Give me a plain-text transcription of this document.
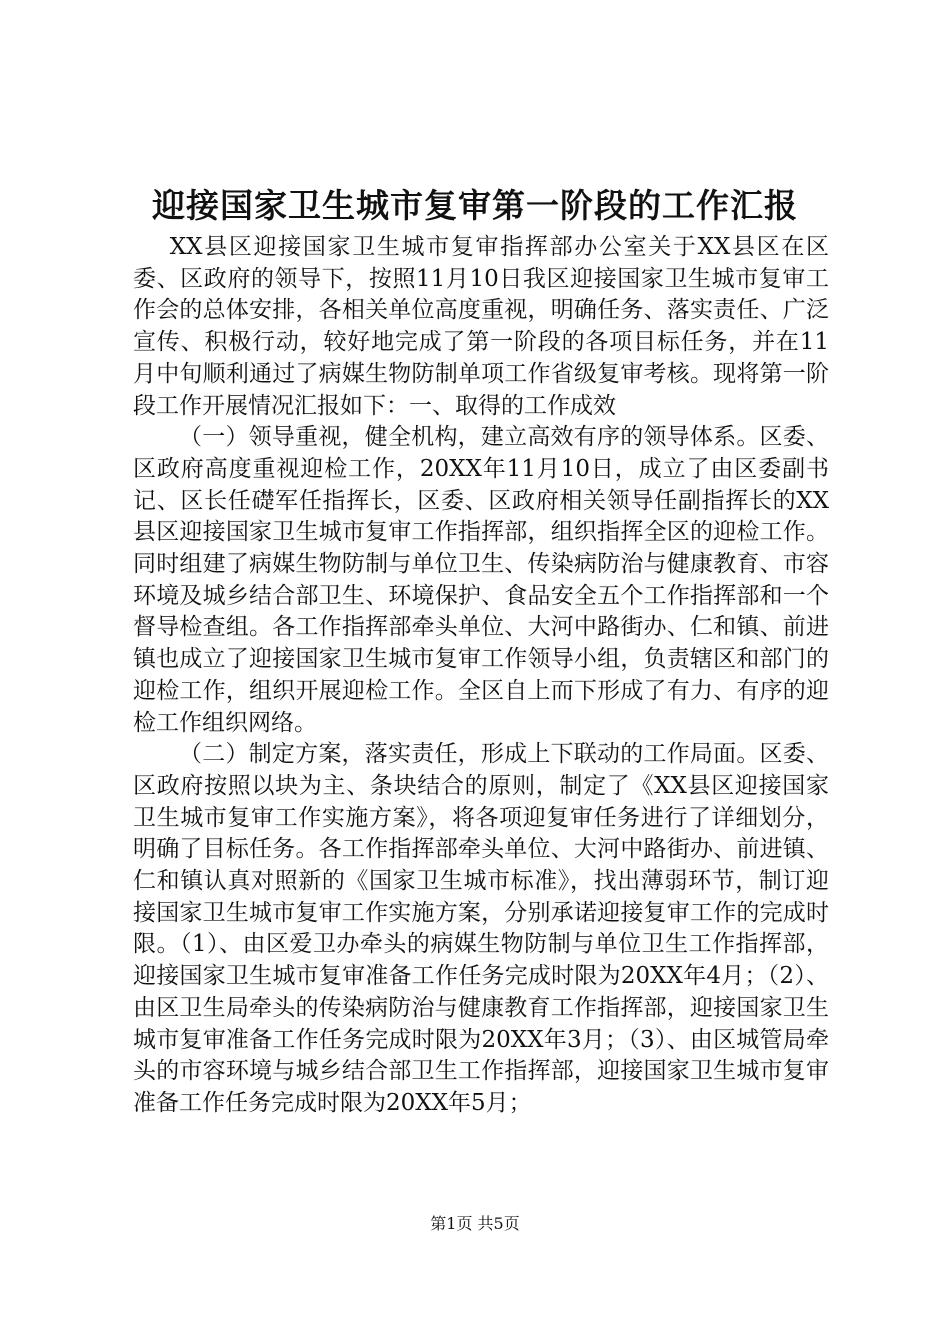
迎接国家卫生城市复审第一阶段的工作汇报

XX县区迎接国家卫生城市复审指挥部办公室关于XX县区在区委、区政府的领导下，按照11月10日我区迎接国家卫生城市复审工作会的总体安排，各相关单位高度重视，明确任务、落实责任、广泛宣传、积极行动，较好地完成了第一阶段的各项目标任务，并在11月中旬顺利通过了病媒生物防制单项工作省级复审考核。现将第一阶段工作开展情况汇报如下：一、取得的工作成效

（一）领导重视，健全机构，建立高效有序的领导体系。区委、区政府高度重视迎检工作，20XX年11月10日，成立了由区委副书记、区长任礎军任指挥长，区委、区政府相关领导任副指挥长的XX县区迎接国家卫生城市复审工作指挥部，组织指挥全区的迎检工作。同时组建了病媒生物防制与单位卫生、传染病防治与健康教育、市容环境及城乡结合部卫生、环境保护、食品安全五个工作指挥部和一个督导检查组。各工作指挥部牵头单位、大河中路街办、仁和镇、前进镇也成立了迎接国家卫生城市复审工作领导小组，负责辖区和部门的迎检工作，组织开展迎检工作。全区自上而下形成了有力、有序的迎检工作组织网络。

（二）制定方案，落实责任，形成上下联动的工作局面。区委、区政府按照以块为主、条块结合的原则，制定了《XX县区迎接国家卫生城市复审工作实施方案》，将各项迎复审任务进行了详细划分，明确了目标任务。各工作指挥部牵头单位、大河中路街办、前进镇、仁和镇认真对照新的《国家卫生城市标准》，找出薄弱环节，制订迎接国家卫生城市复审工作实施方案，分别承诺迎接复审工作的完成时限。（1）、由区爱卫办牵头的病媒生物防制与单位卫生工作指挥部，迎接国家卫生城市复审准备工作任务完成时限为20XX年4月；（2）、由区卫生局牵头的传染病防治与健康教育工作指挥部，迎接国家卫生城市复审准备工作任务完成时限为20XX年3月；（3）、由区城管局牵头的市容环境与城乡结合部卫生工作指挥部，迎接国家卫生城市复审准备工作任务完成时限为20XX年5月；

第1页 共5页
